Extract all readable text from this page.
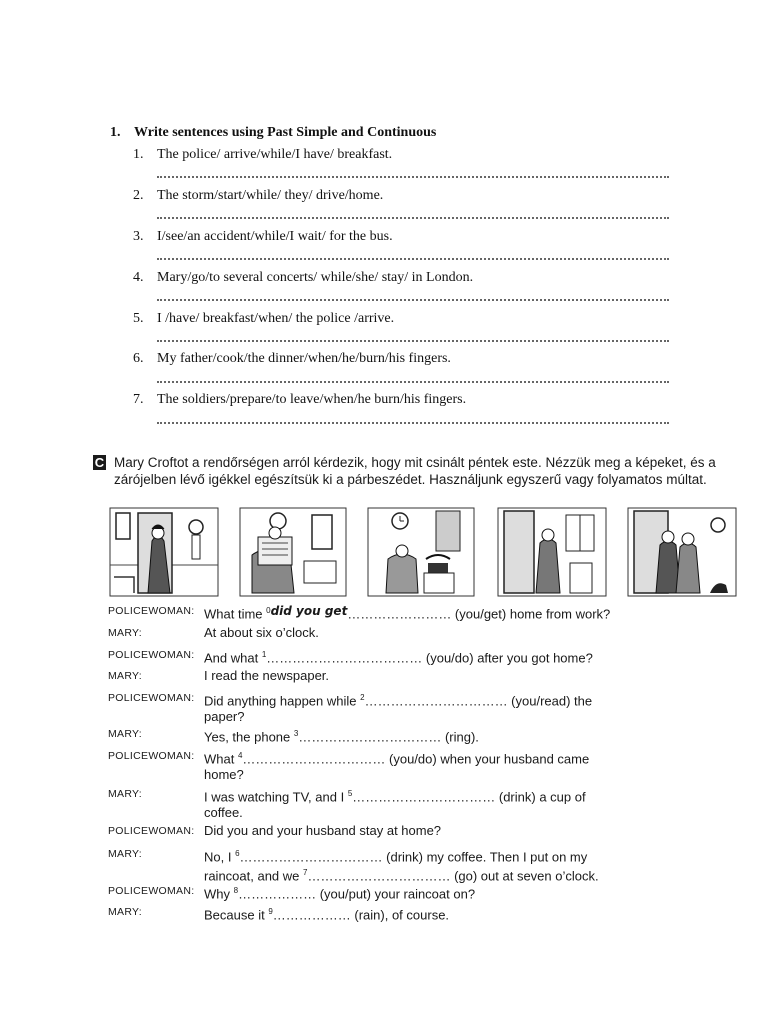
1. Write sentences using Past Simple and Continuous
1. The police/ arrive/while/I have/ breakfast.
2. The storm/start/while/ they/ drive/home.
3. I/see/an accident/while/I wait/ for the bus.
4. Mary/go/to several concerts/ while/she/ stay/ in London.
5. I /have/ breakfast/when/ the police /arrive.
6. My father/cook/the dinner/when/he/burn/his fingers.
7. The soldiers/prepare/to leave/when/he burn/his fingers.
C Mary Croftot a rendőrségen arról kérdezik, hogy mit csinált péntek este. Nézzük meg a képeket, és a
zárójelben lévő igékkel egészítsük ki a párbeszédet. Használjunk egyszerű vagy folyamatos múltat.
POLICEWOMAN: What time $^0$did you get…………………… (you/get) home from work?
MARY:	At about six o’clock.
POLICEWOMAN: And what $^1$……………………………… (you/do) after you got home?
MARY:	I read the newspaper.
POLICEWOMAN: Did anything happen while $^2$…………………………… (you/read) the
paper?
MARY:	Yes, the phone $^3$…………………………… (ring).
POLICEWOMAN: What $^4$…………………………… (you/do) when your husband came
home?
MARY:	I was watching TV, and I $^5$…………………………… (drink) a cup of
coffee.
POLICEWOMAN: Did you and your husband stay at home?
MARY:	No, I $^6$…………………………… (drink) my coffee. Then I put on my
raincoat, and we $^7$…………………………… (go) out at seven o’clock.
POLICEWOMAN: Why $^8$……………… (you/put) your raincoat on?
MARY:	Because it $^9$……………… (rain), of course.
